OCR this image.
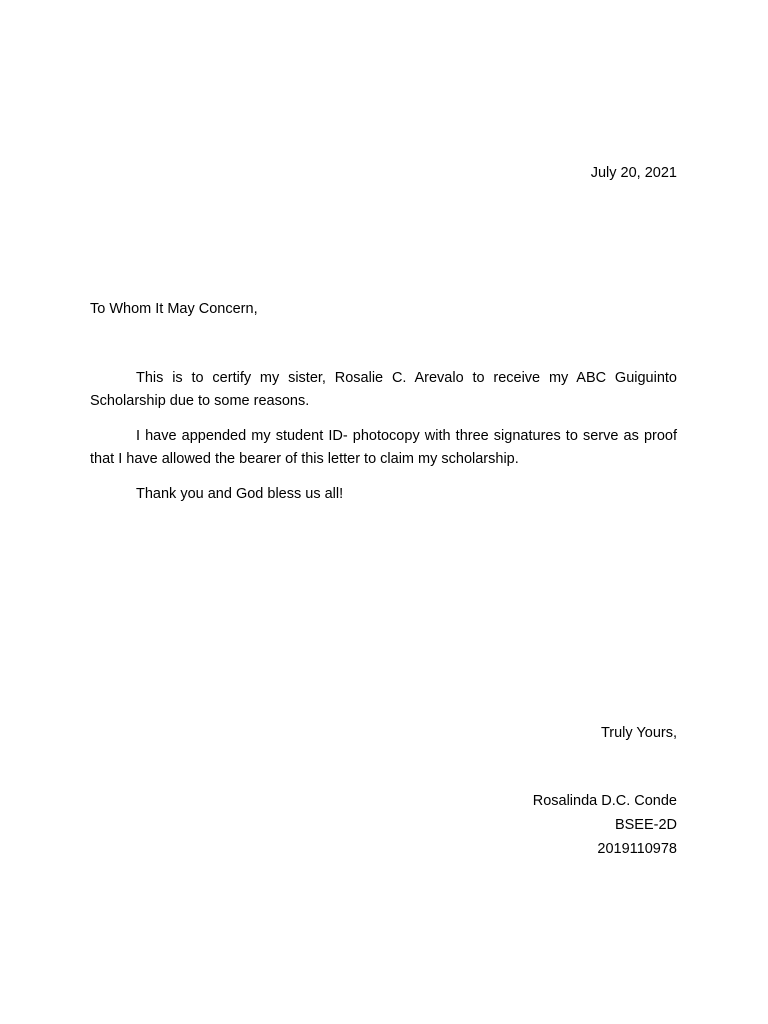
July 20, 2021
To Whom It May Concern,

This is to certify my sister, Rosalie C. Arevalo to receive my ABC Guiguinto Scholarship due to some reasons.

I have appended my student ID- photocopy with three signatures to serve as proof that I have allowed the bearer of this letter to claim my scholarship.

Thank you and God bless us all!

Truly Yours,
Rosalinda D.C. Conde
BSEE-2D
2019110978
